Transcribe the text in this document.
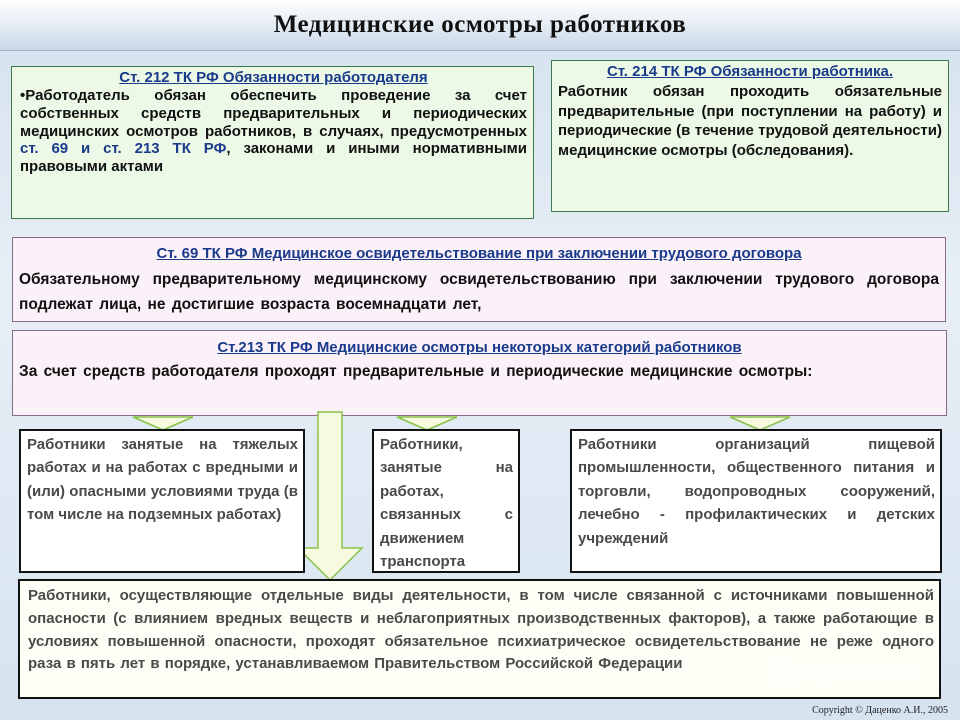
Медицинские осмотры работников

Ст. 212 ТК РФ Обязанности работодателя

•Работодатель обязан обеспечить проведение за счет собственных средств предварительных и периодических медицинских осмотров работников, в случаях, предусмотренных ст. 69 и ст. 213 ТК РФ, законами и иными нормативными правовыми актами

Ст. 214 ТК РФ Обязанности работника.

Работник обязан проходить обязательные предварительные (при поступлении на работу) и периодические (в течение трудовой деятельности) медицинские осмотры (обследования).

Ст. 69 ТК РФ Медицинское освидетельствование при заключении трудового договора

Обязательному предварительному медицинскому освидетельствованию при заключении трудового договора подлежат лица, не достигшие возраста восемнадцати лет,

Ст.213 ТК РФ Медицинские осмотры некоторых категорий работников

За счет средств работодателя проходят предварительные и периодические медицинские осмотры:

Работники занятые на тяжелых работах и на работах с вредными и (или) опасными условиями труда (в том числе на подземных работах)

Работники, занятые на работах, связанных с движением транспорта

Работники организаций пищевой промышленности, общественного питания и торговли, водопроводных сооружений, лечебно - профилактических и детских учреждений

Работники, осуществляющие отдельные виды деятельности, в том числе связанной с источниками повышенной опасности (с влиянием вредных веществ и неблагоприятных производственных факторов), а также работающие в условиях повышенной опасности, проходят обязательное психиатрическое освидетельствование не реже одного раза в пять лет в порядке, устанавливаемом Правительством Российской Федерации	MyShared
Copyright © Даценко А.И., 2005
